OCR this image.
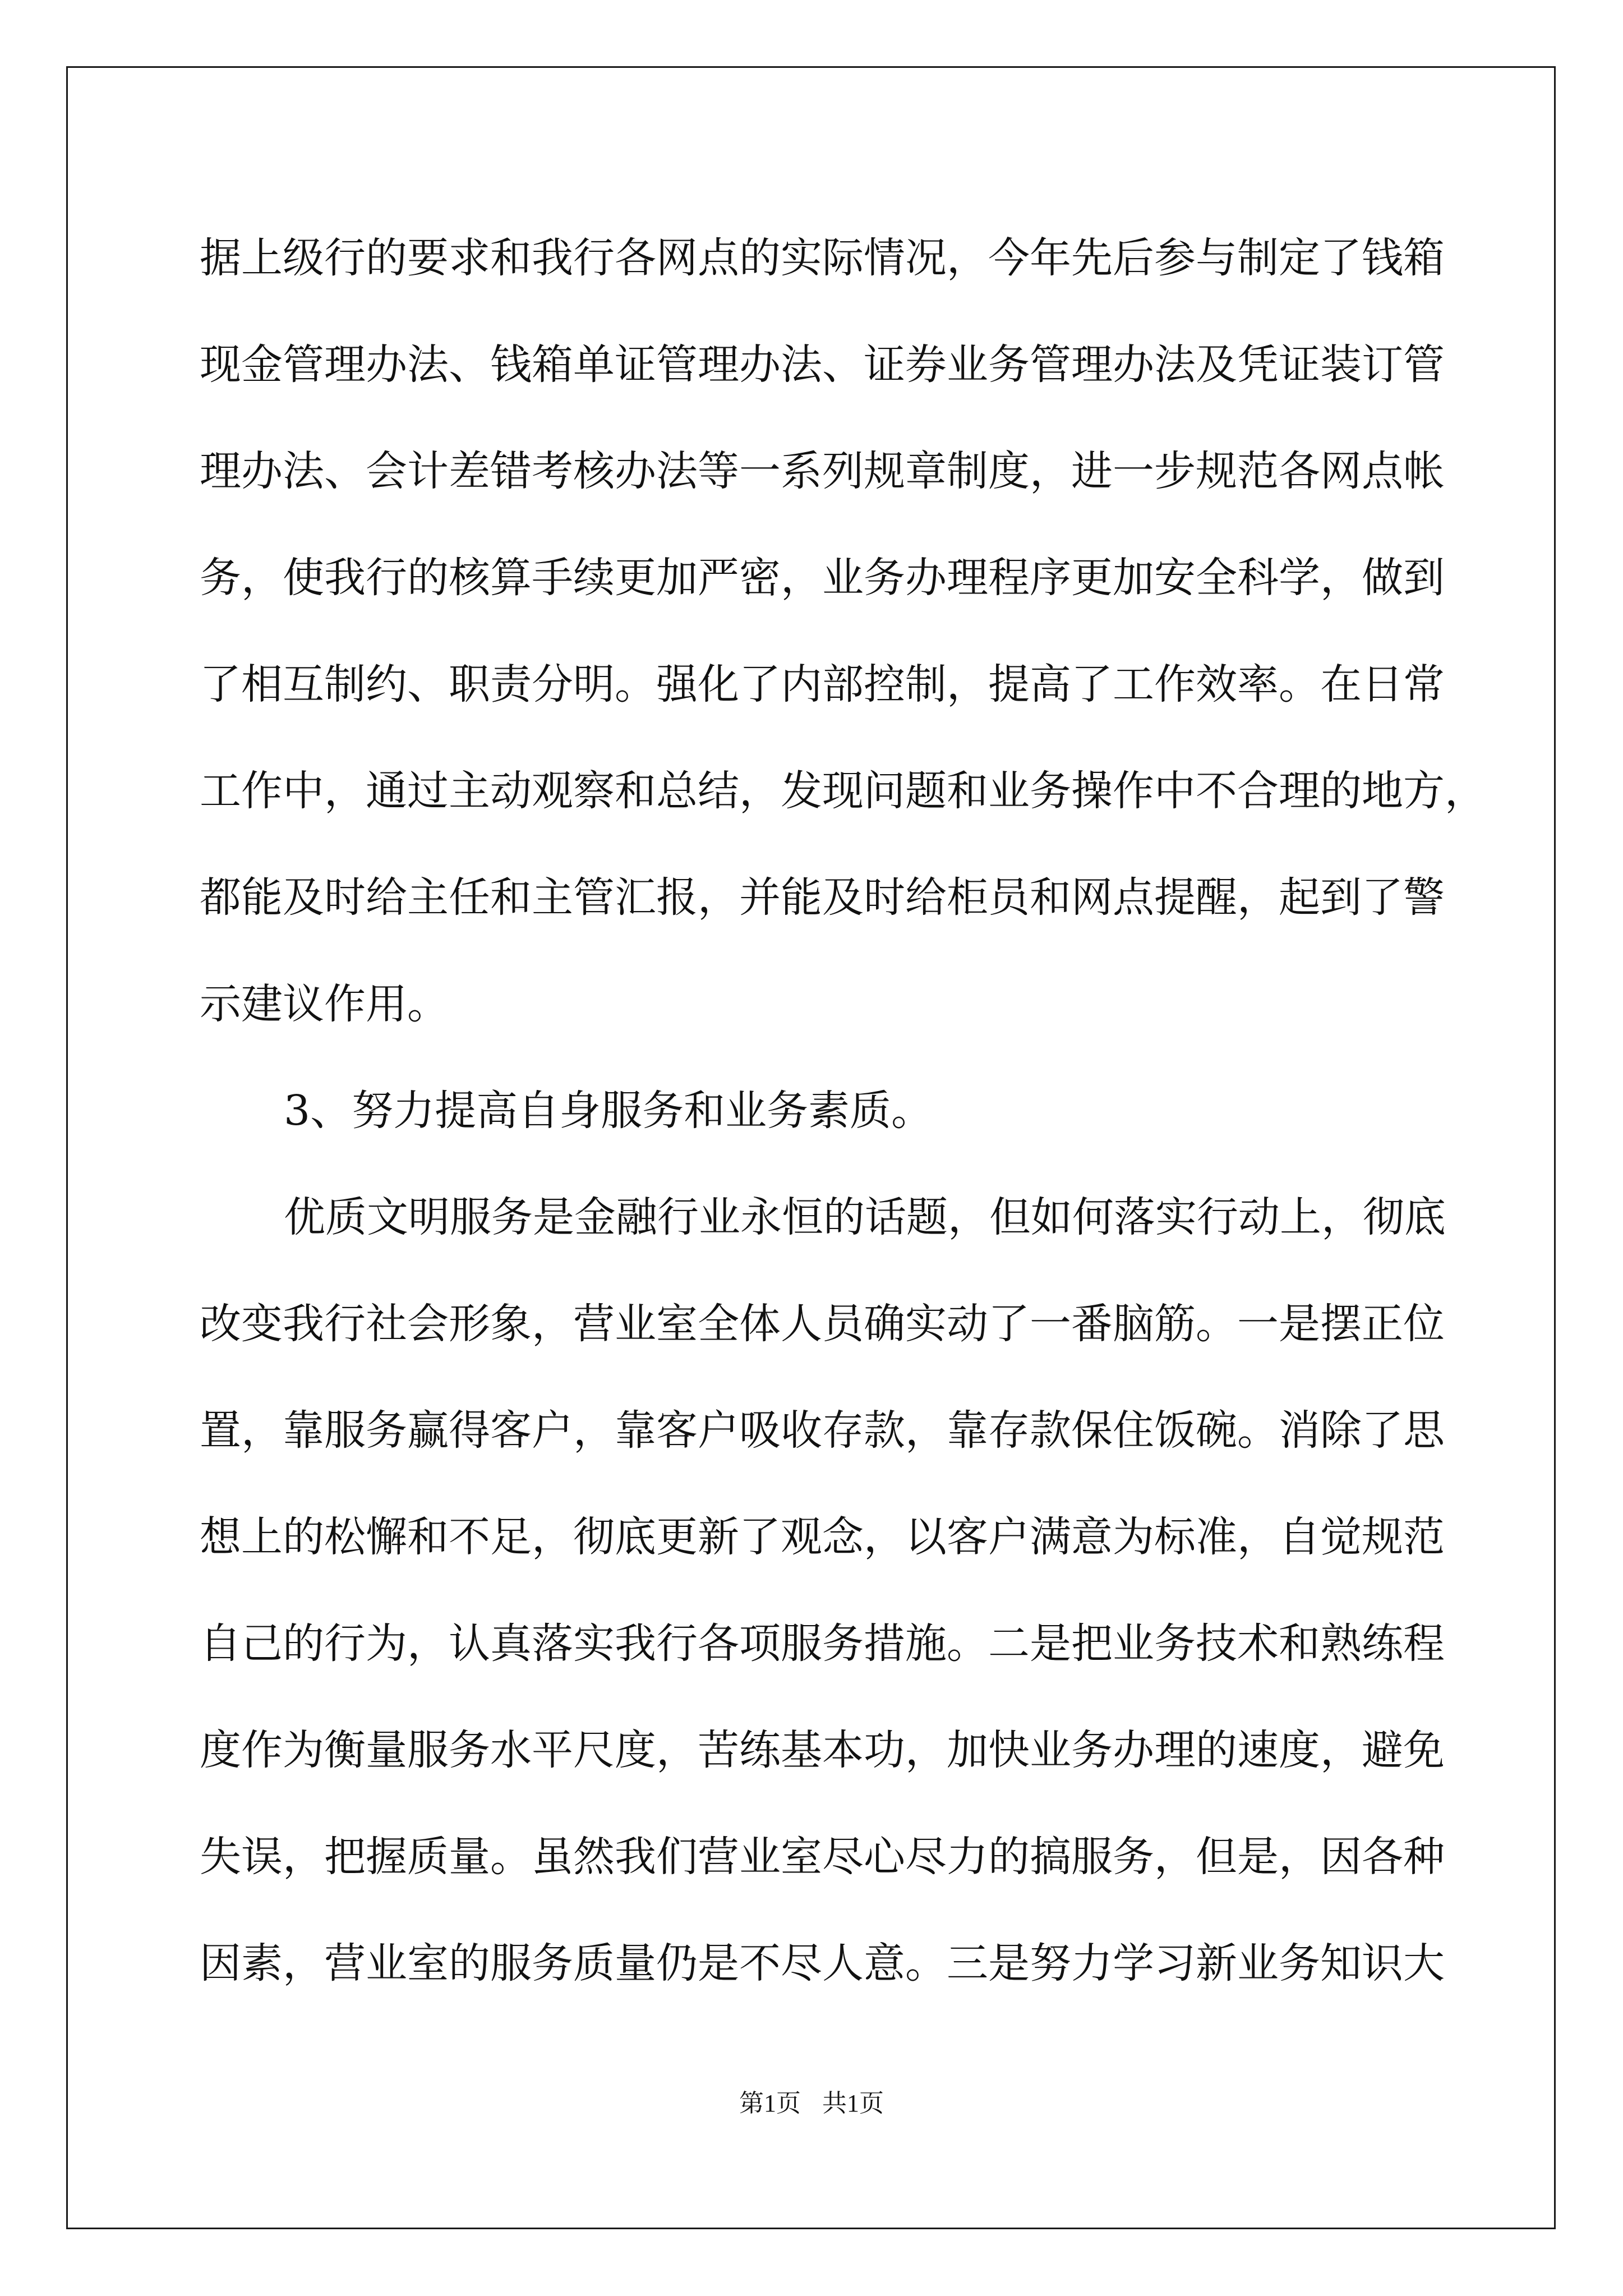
据上级行的要求和我行各网点的实际情况，今年先后参与制定了钱箱
现金管理办法、钱箱单证管理办法、证券业务管理办法及凭证装订管
理办法、会计差错考核办法等一系列规章制度，进一步规范各网点帐
务，使我行的核算手续更加严密，业务办理程序更加安全科学，做到
了相互制约、职责分明。强化了内部控制，提高了工作效率。在日常
工作中，通过主动观察和总结，发现问题和业务操作中不合理的地方，
都能及时给主任和主管汇报，并能及时给柜员和网点提醒，起到了警
示建议作用。
3、努力提高自身服务和业务素质。
优质文明服务是金融行业永恒的话题，但如何落实行动上，彻底
改变我行社会形象，营业室全体人员确实动了一番脑筋。一是摆正位
置，靠服务赢得客户，靠客户吸收存款，靠存款保住饭碗。消除了思
想上的松懈和不足，彻底更新了观念，以客户满意为标准，自觉规范
自己的行为，认真落实我行各项服务措施。二是把业务技术和熟练程
度作为衡量服务水平尺度，苦练基本功，加快业务办理的速度，避免
失误，把握质量。虽然我们营业室尽心尽力的搞服务，但是，因各种
因素，营业室的服务质量仍是不尽人意。三是努力学习新业务知识大
第1页 共1页
